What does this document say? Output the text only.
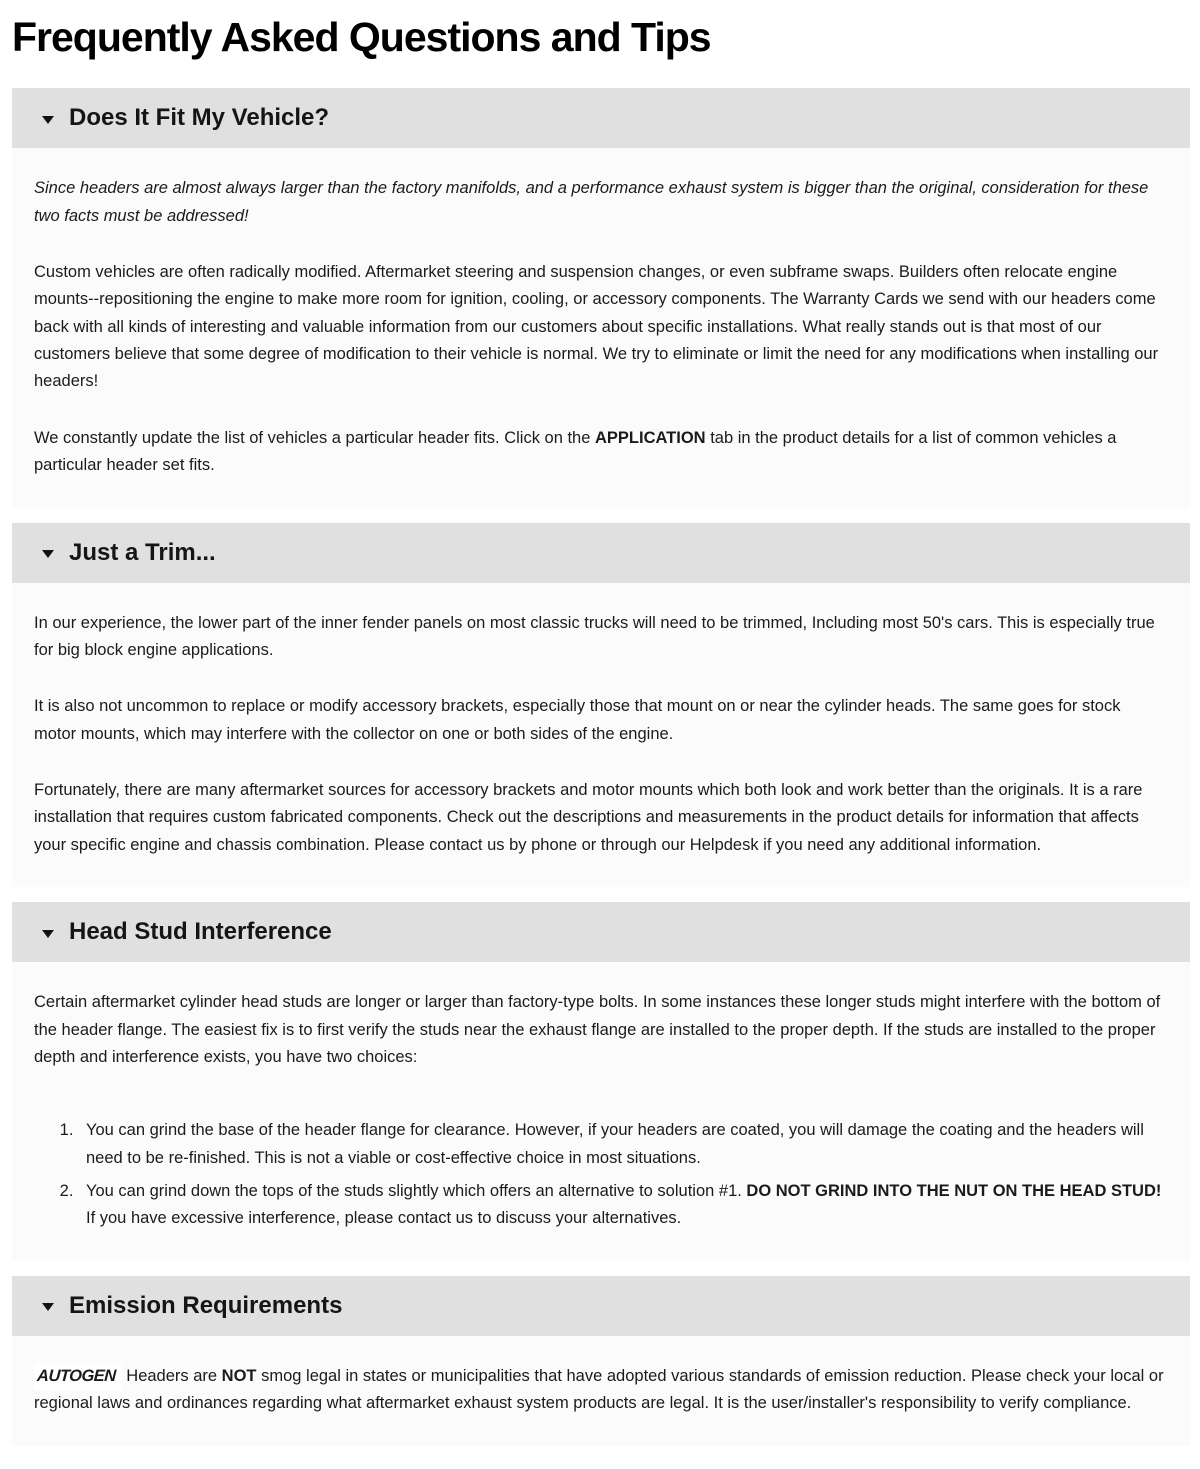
Frequently Asked Questions and Tips
Does It Fit My Vehicle?

Since headers are almost always larger than the factory manifolds, and a performance exhaust system is bigger than the original, consideration for these two facts must be addressed!

Custom vehicles are often radically modified. Aftermarket steering and suspension changes, or even subframe swaps. Builders often relocate engine mounts--repositioning the engine to make more room for ignition, cooling, or accessory components. The Warranty Cards we send with our headers come back with all kinds of interesting and valuable information from our customers about specific installations. What really stands out is that most of our customers believe that some degree of modification to their vehicle is normal. We try to eliminate or limit the need for any modifications when installing our headers!

We constantly update the list of vehicles a particular header fits. Click on the APPLICATION tab in the product details for a list of common vehicles a particular header set fits.

Just a Trim...

In our experience, the lower part of the inner fender panels on most classic trucks will need to be trimmed, Including most 50's cars. This is especially true for big block engine applications.

It is also not uncommon to replace or modify accessory brackets, especially those that mount on or near the cylinder heads. The same goes for stock motor mounts, which may interfere with the collector on one or both sides of the engine.

Fortunately, there are many aftermarket sources for accessory brackets and motor mounts which both look and work better than the originals. It is a rare installation that requires custom fabricated components. Check out the descriptions and measurements in the product details for information that affects your specific engine and chassis combination. Please contact us by phone or through our Helpdesk if you need any additional information.

Head Stud Interference

Certain aftermarket cylinder head studs are longer or larger than factory-type bolts. In some instances these longer studs might interfere with the bottom of the header flange. The easiest fix is to first verify the studs near the exhaust flange are installed to the proper depth. If the studs are installed to the proper depth and interference exists, you have two choices:

1. You can grind the base of the header flange for clearance. However, if your headers are coated, you will damage the coating and the headers will need to be re-finished. This is not a viable or cost-effective choice in most situations.
2. You can grind down the tops of the studs slightly which offers an alternative to solution #1. DO NOT GRIND INTO THE NUT ON THE HEAD STUD! If you have excessive interference, please contact us to discuss your alternatives.
Emission Requirements

AUTOGEN Headers are NOT smog legal in states or municipalities that have adopted various standards of emission reduction. Please check your local or regional laws and ordinances regarding what aftermarket exhaust system products are legal. It is the user/installer's responsibility to verify compliance.
